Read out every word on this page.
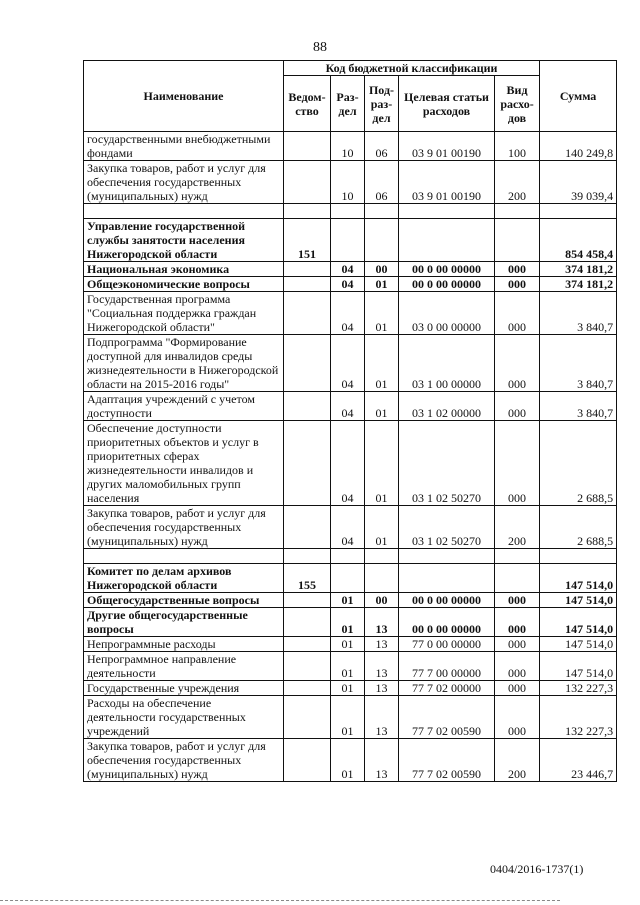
88
Наименование	Код бюджетной классификации					Сумма
	Ведом-ство	Раз-дел	Под-раз-дел	Целевая статьи расходов	Вид расхо-дов	
государственными внебюджетными фондами		10	06	03 9 01 00190	100	140 249,8
Закупка товаров, работ и услуг для обеспечения государственных (муниципальных) нужд		10	06	03 9 01 00190	200	39 039,4

Управление государственной службы занятости населения Нижегородской области	151					854 458,4
Национальная экономика		04	00	00 0 00 00000	000	374 181,2
Общеэкономические вопросы		04	01	00 0 00 00000	000	374 181,2
Государственная программа "Социальная поддержка граждан Нижегородской области"		04	01	03 0 00 00000	000	3 840,7
Подпрограмма "Формирование доступной для инвалидов среды жизнедеятельности в Нижегородской области на 2015-2016 годы"		04	01	03 1 00 00000	000	3 840,7
Адаптация учреждений с учетом доступности		04	01	03 1 02 00000	000	3 840,7
Обеспечение доступности приоритетных объектов и услуг в приоритетных сферах жизнедеятельности инвалидов и других маломобильных групп населения		04	01	03 1 02 50270	000	2 688,5
Закупка товаров, работ и услуг для обеспечения государственных (муниципальных) нужд		04	01	03 1 02 50270	200	2 688,5

Комитет по делам архивов Нижегородской области	155					147 514,0
Общегосударственные вопросы		01	00	00 0 00 00000	000	147 514,0
Другие общегосударственные вопросы		01	13	00 0 00 00000	000	147 514,0
Непрограммные расходы		01	13	77 0 00 00000	000	147 514,0
Непрограммное направление деятельности		01	13	77 7 00 00000	000	147 514,0
Государственные учреждения		01	13	77 7 02 00000	000	132 227,3
Расходы на обеспечение деятельности государственных учреждений		01	13	77 7 02 00590	000	132 227,3
Закупка товаров, работ и услуг для обеспечения государственных (муниципальных) нужд		01	13	77 7 02 00590	200	23 446,7
0404/2016-1737(1)
